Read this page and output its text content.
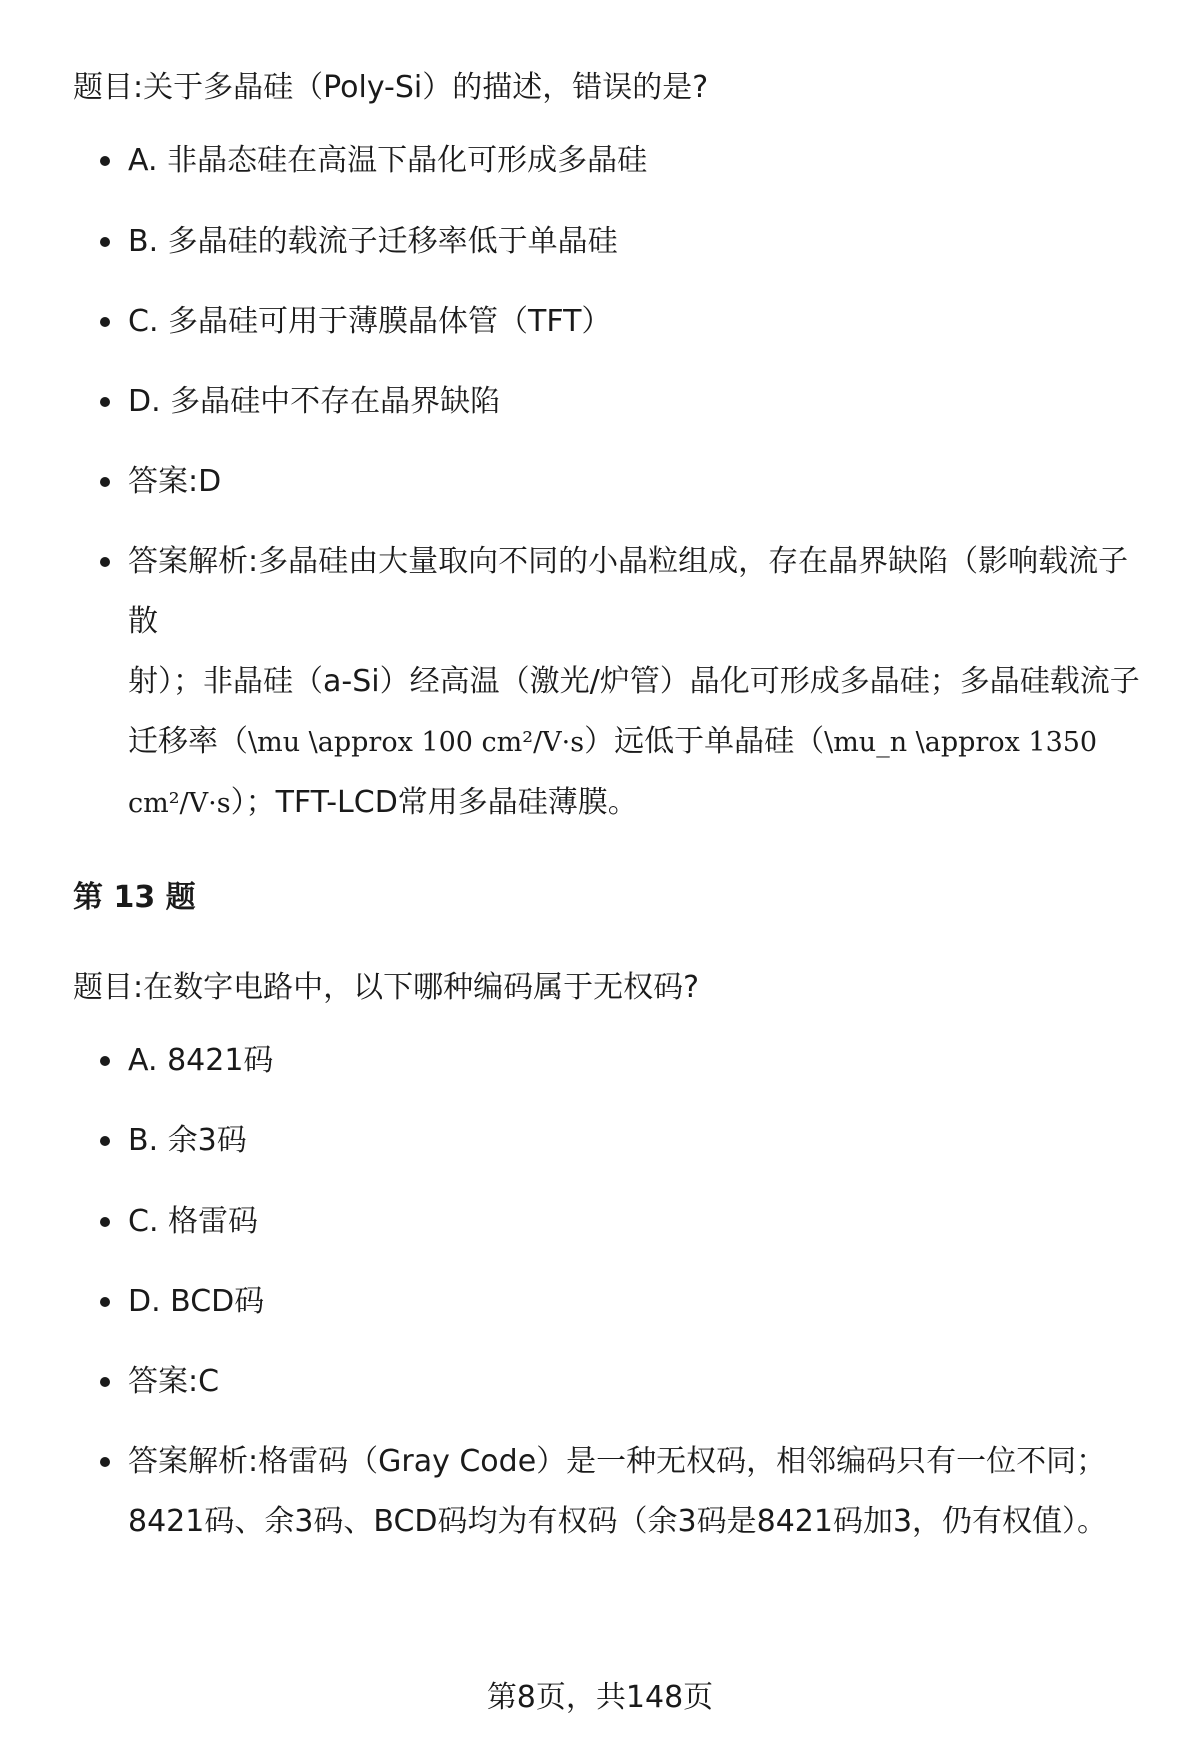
题目:关于多晶硅（Poly-Si）的描述，错误的是?
A. 非晶态硅在高温下晶化可形成多晶硅
B. 多晶硅的载流子迁移率低于单晶硅
C. 多晶硅可用于薄膜晶体管（TFT）
D. 多晶硅中不存在晶界缺陷
答案:D
答案解析:多晶硅由大量取向不同的小晶粒组成，存在晶界缺陷（影响载流子散
射）；非晶硅（a-Si）经高温（激光/炉管）晶化可形成多晶硅；多晶硅载流子
迁移率（\mu \approx 100 cm²/V·s）远低于单晶硅（\mu_n \approx 1350
cm²/V·s）；TFT-LCD常用多晶硅薄膜。
第 13 题
题目:在数字电路中，以下哪种编码属于无权码?
A. 8421码
B. 余3码
C. 格雷码
D. BCD码
答案:C
答案解析:格雷码（Gray Code）是一种无权码，相邻编码只有一位不同；
8421码、余3码、BCD码均为有权码（余3码是8421码加3，仍有权值）。
第8页，共148页
